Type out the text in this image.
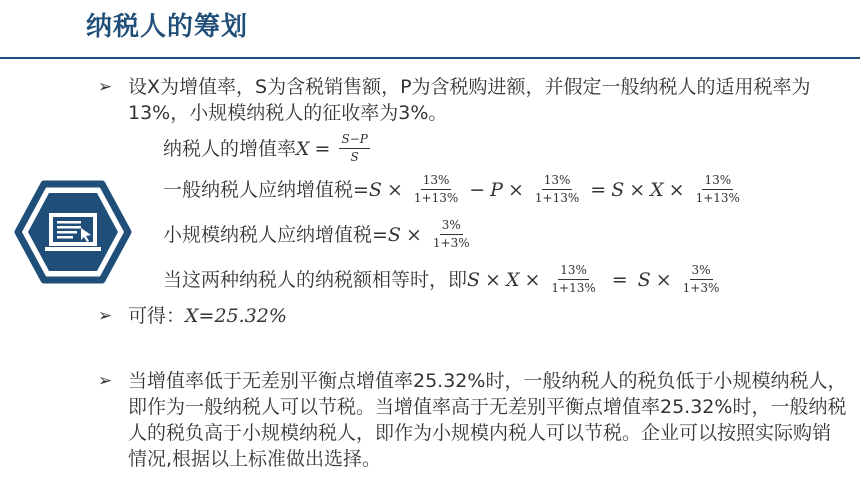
纳税人的筹划
➢ 设X为增值率，S为含税销售额，P为含税购进额，并假定一般纳税人的适用税率为13%，小规模纳税人的征收率为3%。
纳税人的增值率 $X = \frac{S-P}{S}$
一般纳税人应纳增值税= $S \times \frac{13\%}{1+13\%} - P \times \frac{13\%}{1+13\%} = S \times X \times \frac{13\%}{1+13\%}$
小规模纳税人应纳增值税= $S \times \frac{3\%}{1+3\%}$
当这两种纳税人的纳税额相等时，即 $S \times X \times \frac{13\%}{1+13\%} = S \times \frac{3\%}{1+3\%}$
➢ 可得：X=25.32%
➢ 当增值率低于无差别平衡点增值率25.32%时，一般纳税人的税负低于小规模纳税人，即作为一般纳税人可以节税。当增值率高于无差别平衡点增值率25.32%时，一般纳税人的税负高于小规模纳税人，即作为小规模内税人可以节税。企业可以按照实际购销情况,根据以上标准做出选择。
